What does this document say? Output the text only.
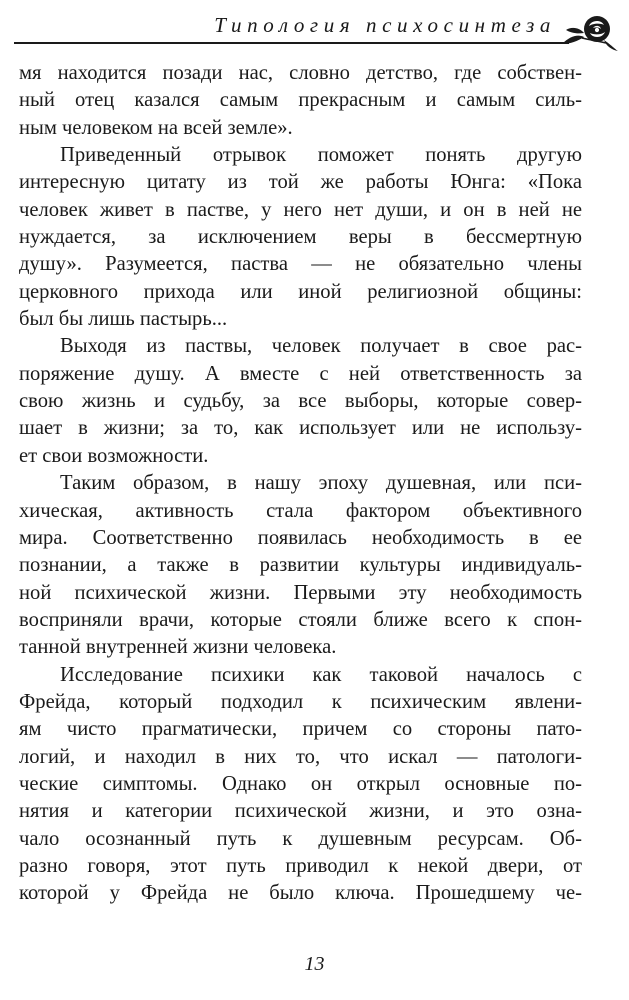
Типология психосинтеза

мя находится позади нас, словно детство, где собствен-
ный отец казался самым прекрасным и самым силь-
ным человеком на всей земле».

Приведенный отрывок поможет понять другую
интересную цитату из той же работы Юнга: «Пока
человек живет в пастве, у него нет души, и он в ней не
нуждается, за исключением веры в бессмертную
душу». Разумеется, паства — не обязательно члены
церковного прихода или иной религиозной общины:
был бы лишь пастырь...

Выходя из паствы, человек получает в свое рас-
поряжение душу. А вместе с ней ответственность за
свою жизнь и судьбу, за все выборы, которые совер-
шает в жизни; за то, как использует или не использу-
ет свои возможности.

Таким образом, в нашу эпоху душевная, или пси-
хическая, активность стала фактором объективного
мира. Соответственно появилась необходимость в ее
познании, а также в развитии культуры индивидуаль-
ной психической жизни. Первыми эту необходимость
восприняли врачи, которые стояли ближе всего к спон-
танной внутренней жизни человека.

Исследование психики как таковой началось с
Фрейда, который подходил к психическим явлени-
ям чисто прагматически, причем со стороны пато-
логий, и находил в них то, что искал — патологи-
ческие симптомы. Однако он открыл основные по-
нятия и категории психической жизни, и это озна-
чало осознанный путь к душевным ресурсам. Об-
разно говоря, этот путь приводил к некой двери, от
которой у Фрейда не было ключа. Прошедшему че-

13
